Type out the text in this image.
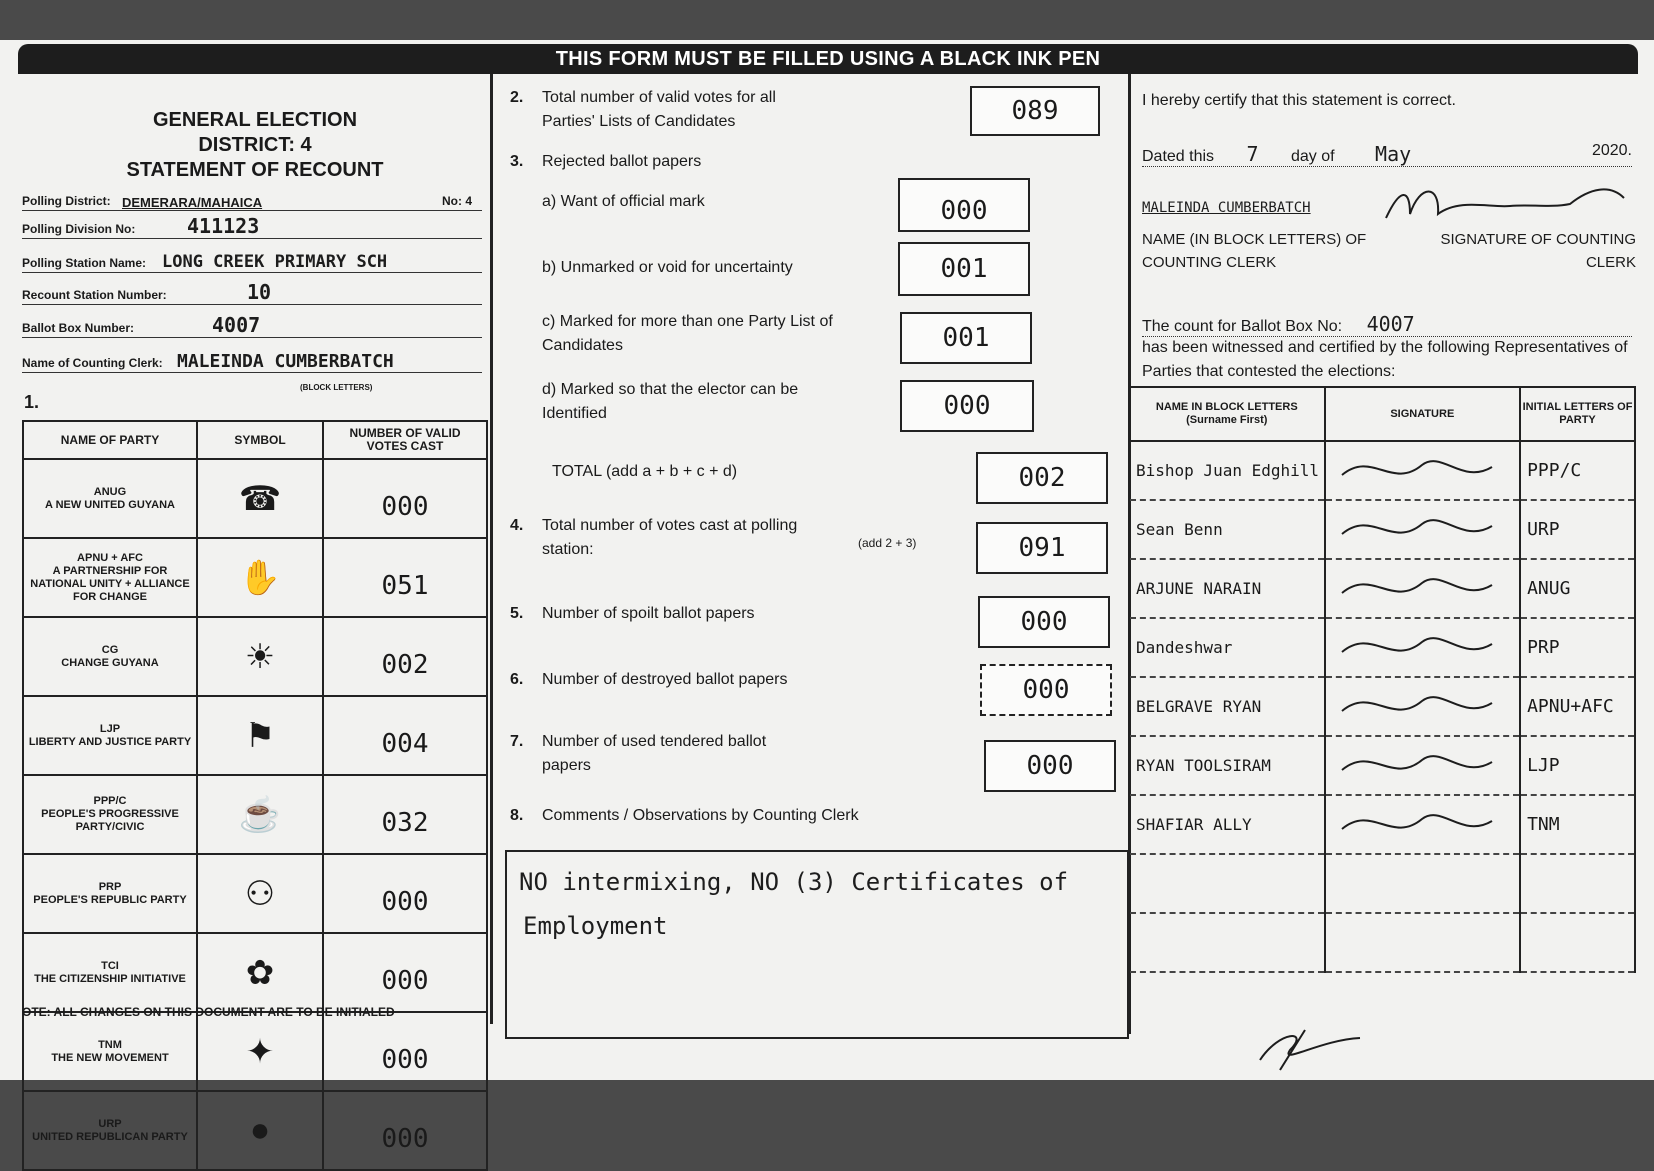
THIS FORM MUST BE FILLED USING A BLACK INK PEN
GENERAL ELECTION
DISTRICT: 4
STATEMENT OF RECOUNT
Polling District: DEMERARA/MAHAICA	No: 4
Polling Division No:	411123
Polling Station Name: LONG CREEK PRIMARY SCH
Recount Station Number:	10
Ballot Box Number:	4007
Name of Counting Clerk: MALEINDA CUMBERBATCH
(BLOCK LETTERS)
1.
NAME OF PARTY	SYMBOL	NUMBER OF VALID VOTES CAST
ANUG
A NEW UNITED GUYANA	☎	000
APNU + AFC
A PARTNERSHIP FOR NATIONAL UNITY + ALLIANCE FOR CHANGE	✋	051
CG
CHANGE GUYANA	☀	002
LJP
LIBERTY AND JUSTICE PARTY	⚑	004
PPP/C
PEOPLE'S PROGRESSIVE PARTY/CIVIC	☕	032
PRP
PEOPLE'S REPUBLIC PARTY	⚇	000
TCI
THE CITIZENSHIP INITIATIVE	✿	000
TNM
THE NEW MOVEMENT	✦	000
URP
UNITED REPUBLICAN PARTY	●	000
OTE: ALL CHANGES ON THIS DOCUMENT ARE TO BE INITIALED
2. Total number of valid votes for all Parties' Lists of Candidates	089
3. Rejected ballot papers
a) Want of official mark	000
b) Unmarked or void for uncertainty	001
c) Marked for more than one Party List of Candidates	001
d) Marked so that the elector can be Identified	000
TOTAL (add a + b + c + d)	002
4. Total number of votes cast at polling station:	(add 2 + 3)	091
5. Number of spoilt ballot papers	000
6. Number of destroyed ballot papers	000
7. Number of used tendered ballot papers	000
8. Comments / Observations by Counting Clerk
NO intermixing, NO (3) Certificates of
Employment
I hereby certify that this statement is correct.
Dated this 7 day of May	2020.
MALEINDA CUMBERBATCH
NAME (IN BLOCK LETTERS) OF COUNTING CLERK
SIGNATURE OF COUNTING CLERK
The count for Ballot Box No: 4007
has been witnessed and certified by the following Representatives of Parties that contested the elections:
NAME IN BLOCK LETTERS (Surname First)	SIGNATURE	INITIAL LETTERS OF PARTY
Bishop Juan Edghill		PPP/C
Sean Benn		URP
ARJUNE NARAIN		ANUG
Dandeshwar		PRP
BELGRAVE RYAN		APNU+AFC
RYAN TOOLSIRAM		LJP
SHAFIAR ALLY		TNM
